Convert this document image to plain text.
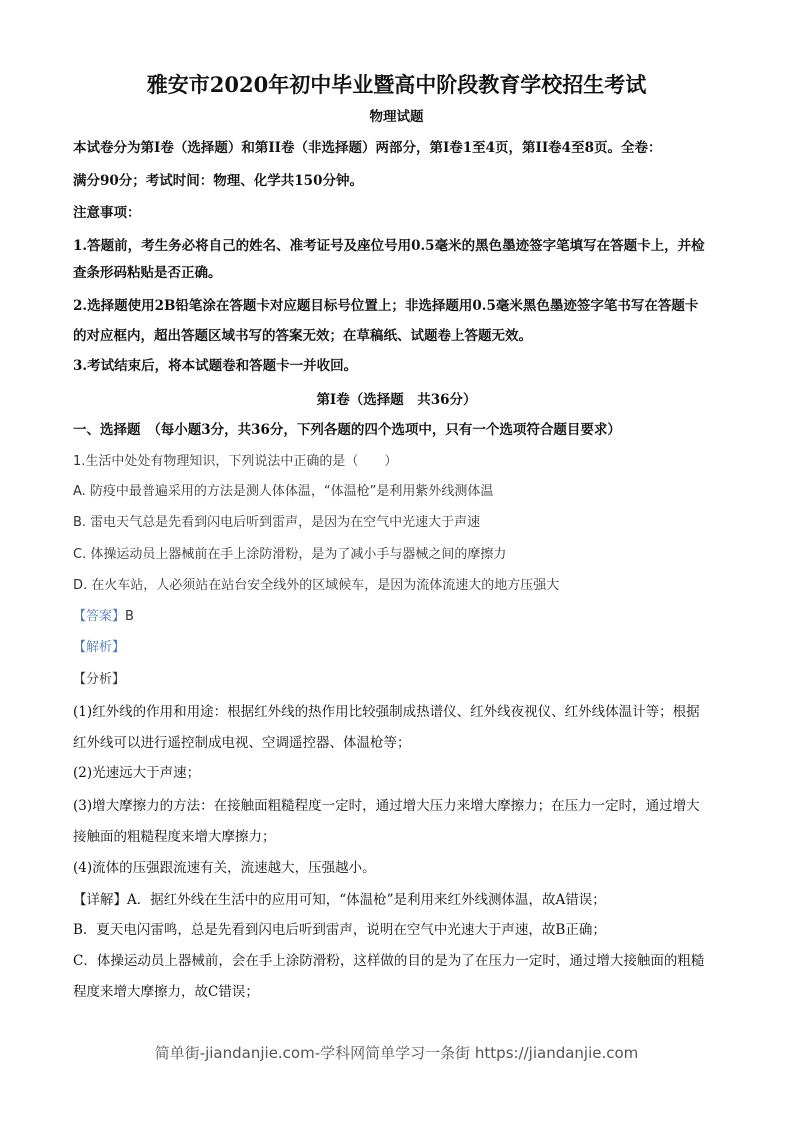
雅安市2020年初中毕业暨高中阶段教育学校招生考试
物理试题
本试卷分为第I卷（选择题）和第II卷（非选择题）两部分，第I卷1至4页，第II卷4至8页。全卷：
满分90分；考试时间：物理、化学共150分钟。
注意事项：
1.答题前，考生务必将自己的姓名、准考证号及座位号用0.5毫米的黑色墨迹签字笔填写在答题卡上，并检
查条形码粘贴是否正确。
2.选择题使用2B铅笔涂在答题卡对应题目标号位置上；非选择题用0.5毫米黑色墨迹签字笔书写在答题卡
的对应框内，超出答题区域书写的答案无效；在草稿纸、试题卷上答题无效。
3.考试结束后，将本试题卷和答题卡一并收回。
第I卷（选择题　共36分）
一、选择题　（每小题3分，共36分，下列各题的四个选项中，只有一个选项符合题目要求）
1.生活中处处有物理知识，下列说法中正确的是（　　）
A. 防疫中最普遍采用的方法是测人体体温，“体温枪”是利用紫外线测体温
B. 雷电天气总是先看到闪电后听到雷声，是因为在空气中光速大于声速
C. 体操运动员上器械前在手上涂防滑粉，是为了减小手与器械之间的摩擦力
D. 在火车站，人必须站在站台安全线外的区域候车，是因为流体流速大的地方压强大
【答案】B
【解析】
【分析】
(1)红外线的作用和用途：根据红外线的热作用比较强制成热谱仪、红外线夜视仪、红外线体温计等；根据
红外线可以进行遥控制成电视、空调遥控器、体温枪等；
(2)光速远大于声速；
(3)增大摩擦力的方法：在接触面粗糙程度一定时，通过增大压力来增大摩擦力；在压力一定时，通过增大
接触面的粗糙程度来增大摩擦力；
(4)流体的压强跟流速有关，流速越大，压强越小。
【详解】A．据红外线在生活中的应用可知，“体温枪”是利用来红外线测体温，故A错误；
B．夏天电闪雷鸣，总是先看到闪电后听到雷声，说明在空气中光速大于声速，故B正确；
C．体操运动员上器械前，会在手上涂防滑粉，这样做的目的是为了在压力一定时，通过增大接触面的粗糙
程度来增大摩擦力，故C错误；
简单街-jiandanjie.com-学科网简单学习一条街 https://jiandanjie.com
